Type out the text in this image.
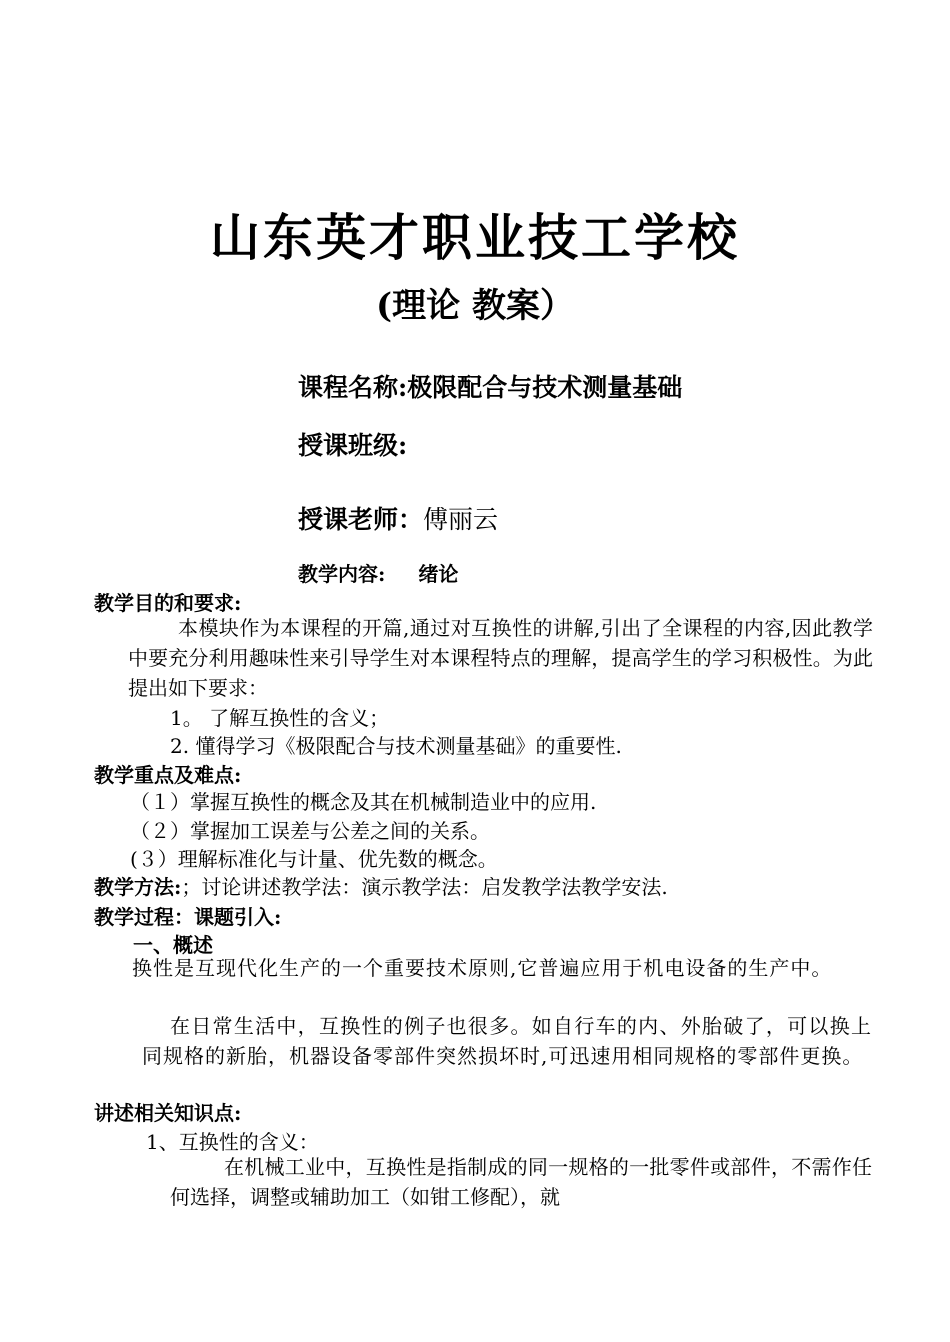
山东英才职业技工学校
(理论 教案）
课程名称:极限配合与技术测量基础
授课班级:
授课老师：傅丽云
教学内容: 绪论
教学目的和要求:
本模块作为本课程的开篇,通过对互换性的讲解,引出了全课程的内容,因此教学中要充分利用趣味性来引导学生对本课程特点的理解，提高学生的学习积极性。为此提出如下要求：
1。 了解互换性的含义；
2. 懂得学习《极限配合与技术测量基础》的重要性.
教学重点及难点:
（１）掌握互换性的概念及其在机械制造业中的应用.
（２）掌握加工误差与公差之间的关系。
(３）理解标准化与计量、优先数的概念。
教学方法:；讨论讲述教学法：演示教学法：启发教学法教学安法.
教学过程：课题引入:
一、概述
换性是互现代化生产的一个重要技术原则,它普遍应用于机电设备的生产中。
在日常生活中，互换性的例子也很多。如自行车的内、外胎破了，可以换上同规格的新胎，机器设备零部件突然损坏时,可迅速用相同规格的零部件更换。
讲述相关知识点:
1、互换性的含义：
在机械工业中，互换性是指制成的同一规格的一批零件或部件，不需作任何选择，调整或辅助加工（如钳工修配），就
